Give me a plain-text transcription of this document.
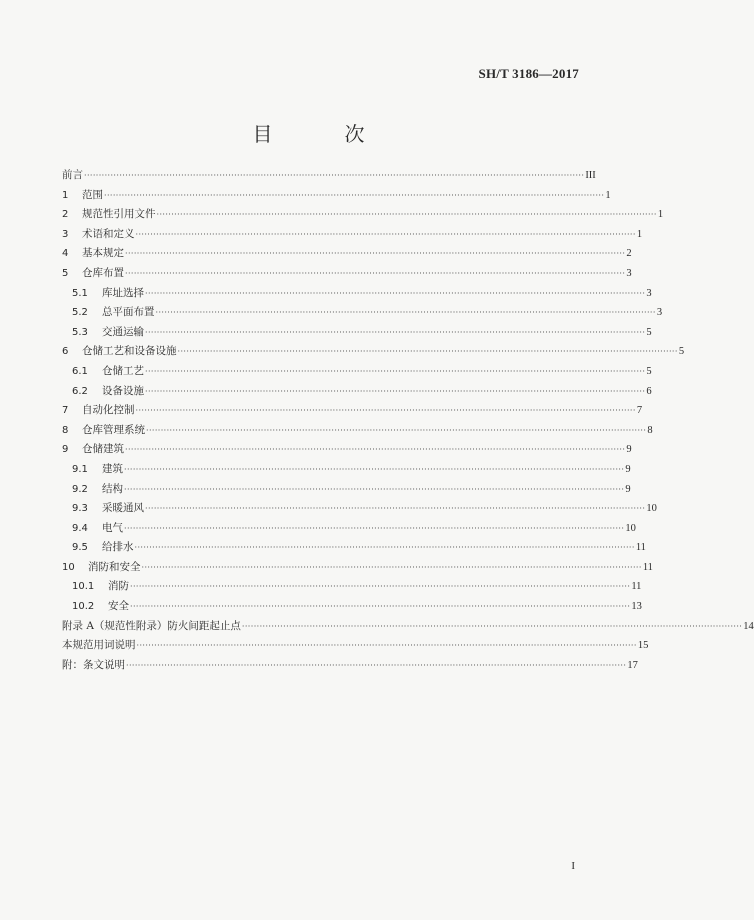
SH/T 3186—2017
目　次
前言 ·········································································································································································· III
1	范围 ·········································································································································································· 1
2	规范性引用文件 ·········································································································································································· 1
3	术语和定义 ·········································································································································································· 1
4	基本规定 ·········································································································································································· 2
5	仓库布置 ·········································································································································································· 3
5.1	库址选择 ·········································································································································································· 3
5.2	总平面布置 ·········································································································································································· 3
5.3	交通运输 ·········································································································································································· 5
6	仓储工艺和设备设施 ·········································································································································································· 5
6.1	仓储工艺 ·········································································································································································· 5
6.2	设备设施 ·········································································································································································· 6
7	自动化控制 ·········································································································································································· 7
8	仓库管理系统 ·········································································································································································· 8
9	仓储建筑 ·········································································································································································· 9
9.1	建筑 ·········································································································································································· 9
9.2	结构 ·········································································································································································· 9
9.3	采暖通风 ·········································································································································································· 10
9.4	电气 ·········································································································································································· 10
9.5	给排水 ·········································································································································································· 11
10	消防和安全 ·········································································································································································· 11
10.1	消防 ·········································································································································································· 11
10.2	安全 ·········································································································································································· 13
附录 A（规范性附录）防火间距起止点 ·········································································································································································· 14
本规范用词说明 ·········································································································································································· 15
附：条文说明 ·········································································································································································· 17
I
